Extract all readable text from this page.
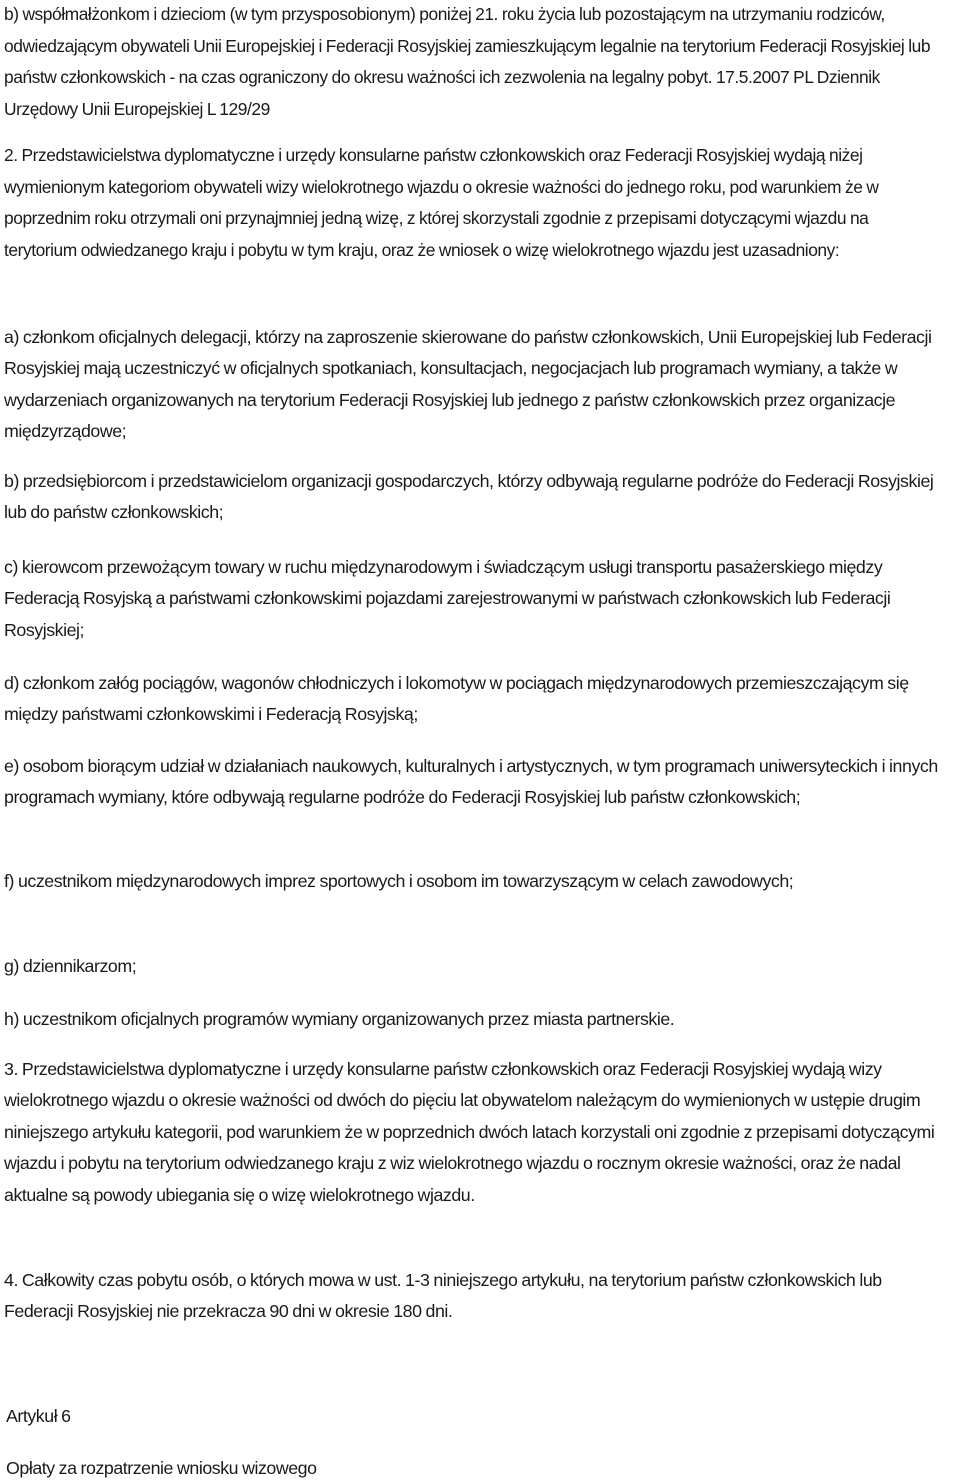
b) współmałżonkom i dzieciom (w tym przysposobionym) poniżej 21. roku życia lub pozostającym na utrzymaniu rodziców, odwiedzającym obywateli Unii Europejskiej i Federacji Rosyjskiej zamieszkującym legalnie na terytorium Federacji Rosyjskiej lub państw członkowskich - na czas ograniczony do okresu ważności ich zezwolenia na legalny pobyt. 17.5.2007 PL Dziennik Urzędowy Unii Europejskiej L 129/29

2. Przedstawicielstwa dyplomatyczne i urzędy konsularne państw członkowskich oraz Federacji Rosyjskiej wydają niżej wymienionym kategoriom obywateli wizy wielokrotnego wjazdu o okresie ważności do jednego roku, pod warunkiem że w poprzednim roku otrzymali oni przynajmniej jedną wizę, z której skorzystali zgodnie z przepisami dotyczącymi wjazdu na terytorium odwiedzanego kraju i pobytu w tym kraju, oraz że wniosek o wizę wielokrotnego wjazdu jest uzasadniony:

a) członkom oficjalnych delegacji, którzy na zaproszenie skierowane do państw członkowskich, Unii Europejskiej lub Federacji Rosyjskiej mają uczestniczyć w oficjalnych spotkaniach, konsultacjach, negocjacjach lub programach wymiany, a także w wydarzeniach organizowanych na terytorium Federacji Rosyjskiej lub jednego z państw członkowskich przez organizacje międzyrządowe;

b) przedsiębiorcom i przedstawicielom organizacji gospodarczych, którzy odbywają regularne podróże do Federacji Rosyjskiej lub do państw członkowskich;

c) kierowcom przewożącym towary w ruchu międzynarodowym i świadczącym usługi transportu pasażerskiego między Federacją Rosyjską a państwami członkowskimi pojazdami zarejestrowanymi w państwach członkowskich lub Federacji Rosyjskiej;

d) członkom załóg pociągów, wagonów chłodniczych i lokomotyw w pociągach międzynarodowych przemieszczającym się między państwami członkowskimi i Federacją Rosyjską;

e) osobom biorącym udział w działaniach naukowych, kulturalnych i artystycznych, w tym programach uniwersyteckich i innych programach wymiany, które odbywają regularne podróże do Federacji Rosyjskiej lub państw członkowskich;

f) uczestnikom międzynarodowych imprez sportowych i osobom im towarzyszącym w celach zawodowych;

g) dziennikarzom;

h) uczestnikom oficjalnych programów wymiany organizowanych przez miasta partnerskie.

3. Przedstawicielstwa dyplomatyczne i urzędy konsularne państw członkowskich oraz Federacji Rosyjskiej wydają wizy wielokrotnego wjazdu o okresie ważności od dwóch do pięciu lat obywatelom należącym do wymienionych w ustępie drugim niniejszego artykułu kategorii, pod warunkiem że w poprzednich dwóch latach korzystali oni zgodnie z przepisami dotyczącymi wjazdu i pobytu na terytorium odwiedzanego kraju z wiz wielokrotnego wjazdu o rocznym okresie ważności, oraz że nadal aktualne są powody ubiegania się o wizę wielokrotnego wjazdu.

4. Całkowity czas pobytu osób, o których mowa w ust. 1-3 niniejszego artykułu, na terytorium państw członkowskich lub Federacji Rosyjskiej nie przekracza 90 dni w okresie 180 dni.

Artykuł 6

Opłaty za rozpatrzenie wniosku wizowego
